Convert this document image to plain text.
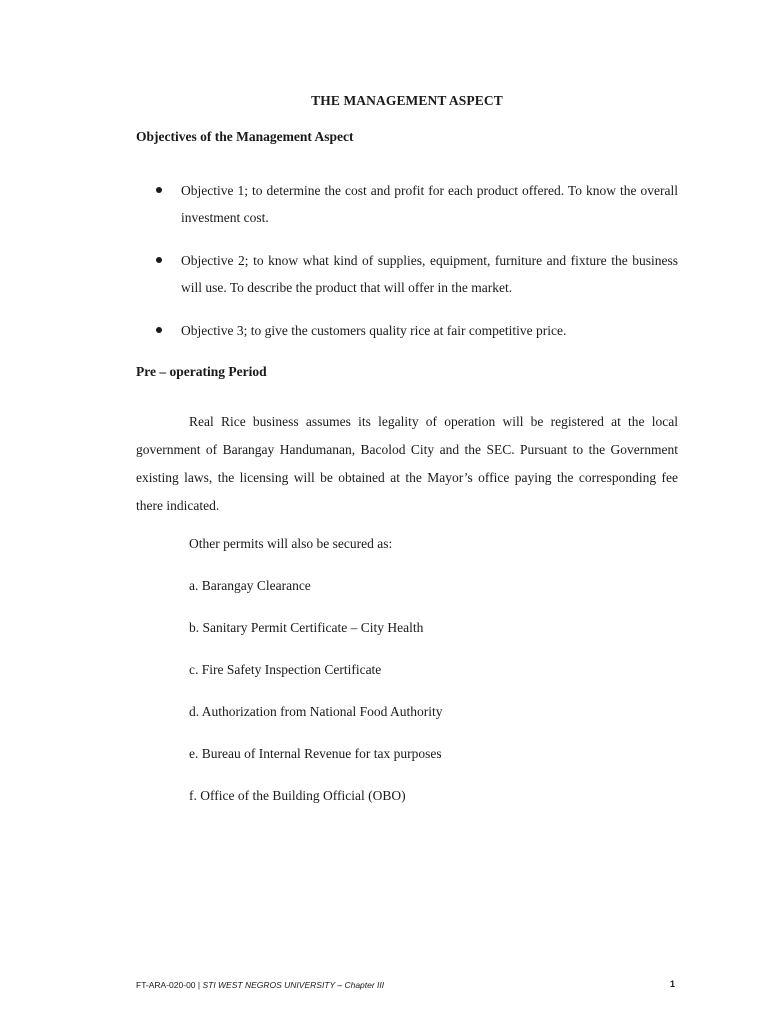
THE MANAGEMENT ASPECT
Objectives of the Management Aspect
Objective 1; to determine the cost and profit for each product offered. To know the overall investment cost.
Objective 2; to know what kind of supplies, equipment, furniture and fixture the business will use. To describe the product that will offer in the market.
Objective 3; to give the customers quality rice at fair competitive price.
Pre – operating Period

Real Rice business assumes its legality of operation will be registered at the local government of Barangay Handumanan, Bacolod City and the SEC. Pursuant to the Government existing laws, the licensing will be obtained at the Mayor’s office paying the corresponding fee there indicated.

Other permits will also be secured as:
a. Barangay Clearance
b. Sanitary Permit Certificate – City Health
c. Fire Safety Inspection Certificate
d. Authorization from National Food Authority
e. Bureau of Internal Revenue for tax purposes
f. Office of the Building Official (OBO)
FT-ARA-020-00 | STI WEST NEGROS UNIVERSITY – Chapter III	1
